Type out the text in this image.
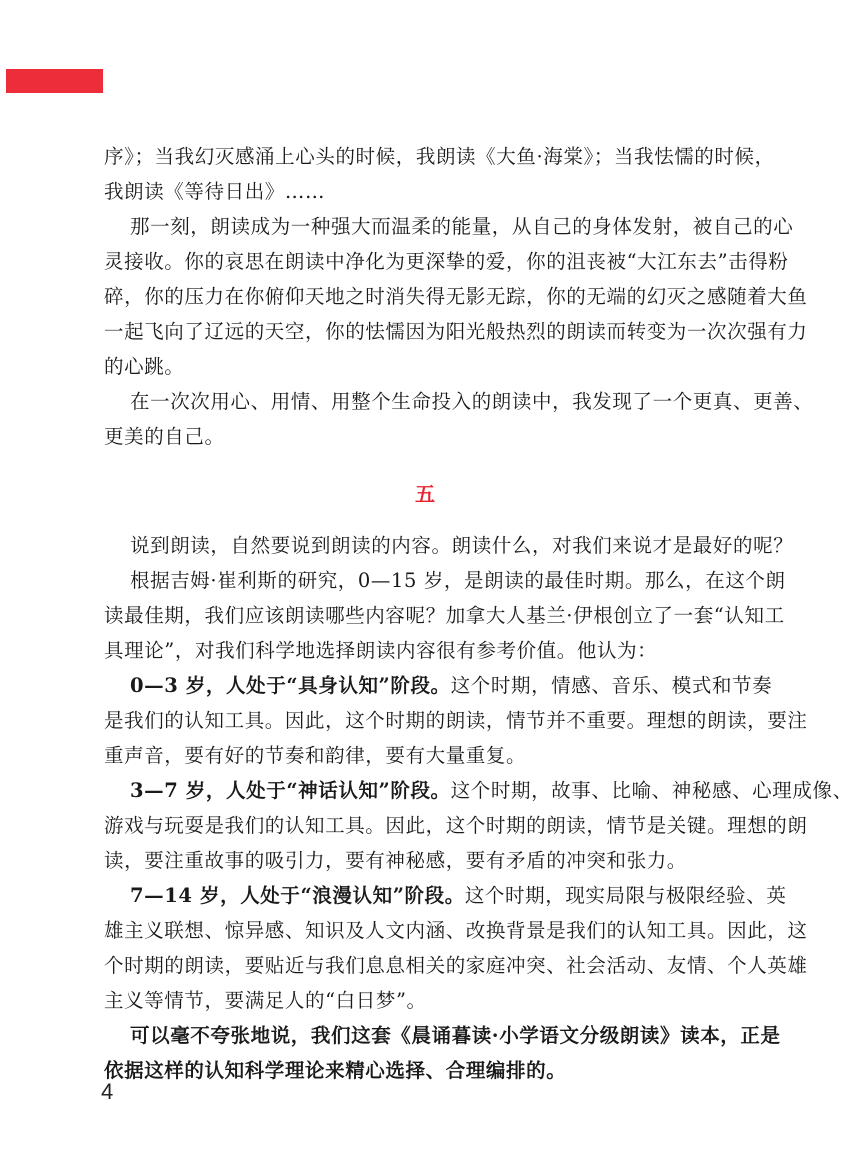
序》；当我幻灭感涌上心头的时候，我朗读《大鱼·海棠》；当我怯懦的时候，

我朗读《等待日出》……

那一刻，朗读成为一种强大而温柔的能量，从自己的身体发射，被自己的心

灵接收。你的哀思在朗读中净化为更深挚的爱，你的沮丧被“大江东去”击得粉

碎，你的压力在你俯仰天地之时消失得无影无踪，你的无端的幻灭之感随着大鱼

一起飞向了辽远的天空，你的怯懦因为阳光般热烈的朗读而转变为一次次强有力

的心跳。

在一次次用心、用情、用整个生命投入的朗读中，我发现了一个更真、更善、

更美的自己。

五

说到朗读，自然要说到朗读的内容。朗读什么，对我们来说才是最好的呢？

根据吉姆·崔利斯的研究，0—15 岁，是朗读的最佳时期。那么，在这个朗

读最佳期，我们应该朗读哪些内容呢？加拿大人基兰·伊根创立了一套“认知工

具理论”，对我们科学地选择朗读内容很有参考价值。他认为：

0—3 岁，人处于“具身认知”阶段。这个时期，情感、音乐、模式和节奏

是我们的认知工具。因此，这个时期的朗读，情节并不重要。理想的朗读，要注

重声音，要有好的节奏和韵律，要有大量重复。

3—7 岁，人处于“神话认知”阶段。这个时期，故事、比喻、神秘感、心理成像、

游戏与玩耍是我们的认知工具。因此，这个时期的朗读，情节是关键。理想的朗

读，要注重故事的吸引力，要有神秘感，要有矛盾的冲突和张力。

7—14 岁，人处于“浪漫认知”阶段。这个时期，现实局限与极限经验、英

雄主义联想、惊异感、知识及人文内涵、改换背景是我们的认知工具。因此，这

个时期的朗读，要贴近与我们息息相关的家庭冲突、社会活动、友情、个人英雄

主义等情节，要满足人的“白日梦”。

可以毫不夸张地说，我们这套《晨诵暮读·小学语文分级朗读》读本，正是

依据这样的认知科学理论来精心选择、合理编排的。

4
